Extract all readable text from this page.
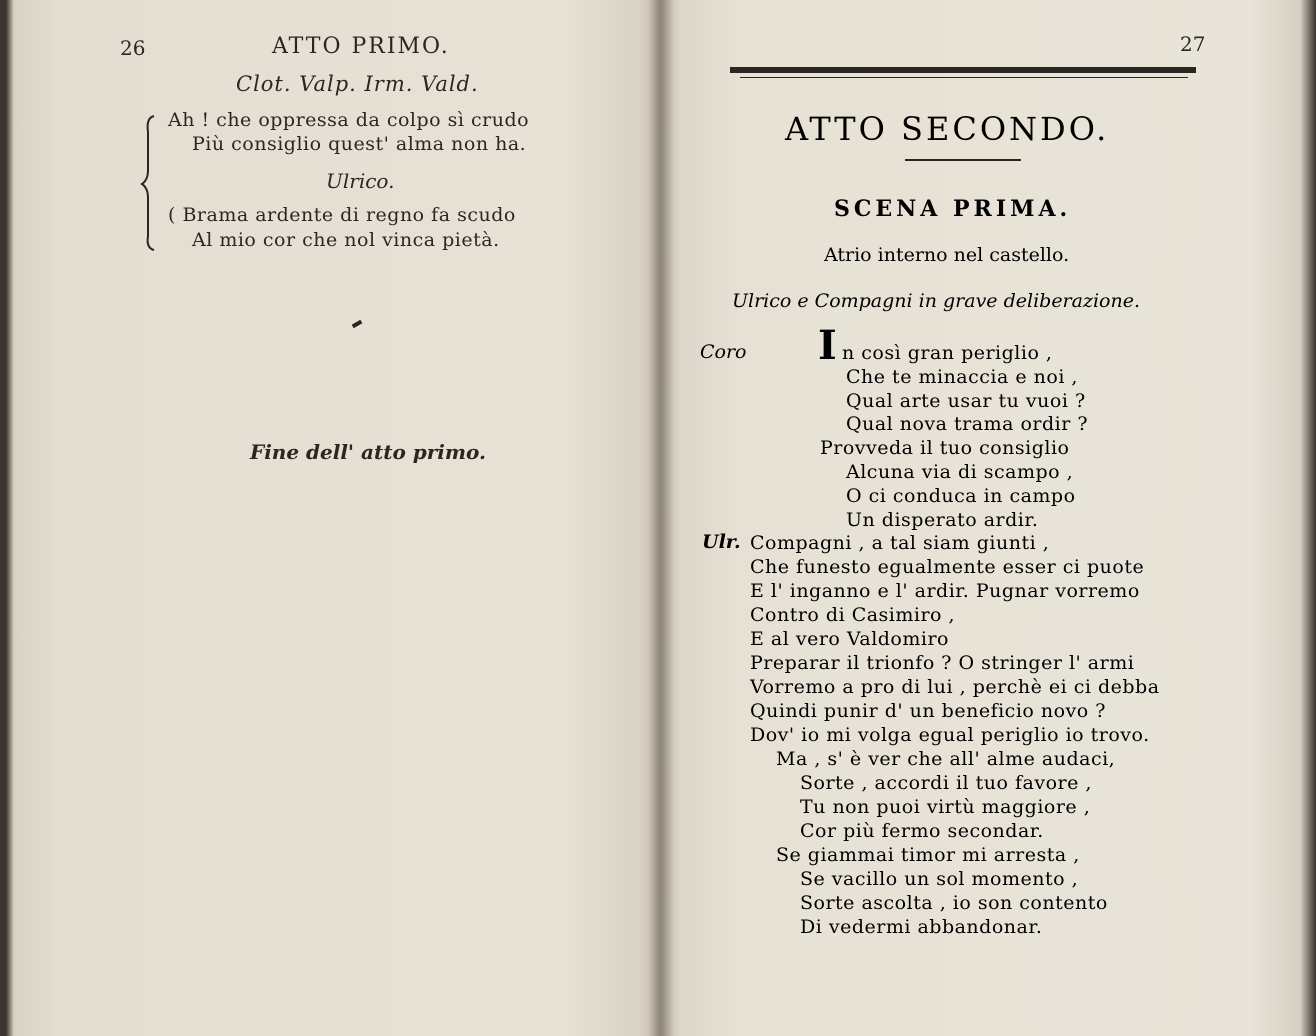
26	ATTO PRIMO.
Clot. Valp. Irm. Vald.
Ah ! che oppressa da colpo sì crudo
Più consiglio quest' alma non ha.
Ulrico.
( Brama ardente di regno fa scudo
Al mio cor che nol vinca pietà.
Fine dell' atto primo.
27
ATTO SECONDO.
SCENA PRIMA.
Atrio interno nel castello.
Ulrico e Compagni in grave deliberazione.
Coro I n così gran periglio ,
Che te minaccia e noi ,
Qual arte usar tu vuoi ?
Qual nova trama ordir ?
Provveda il tuo consiglio
Alcuna via di scampo ,
O ci conduca in campo
Un disperato ardir.
Ulr. Compagni , a tal siam giunti ,
Che funesto egualmente esser ci puote
E l' inganno e l' ardir. Pugnar vorremo
Contro di Casimiro ,
E al vero Valdomiro
Preparar il trionfo ? O stringer l' armi
Vorremo a pro di lui , perchè ei ci debba
Quindi punir d' un beneficio novo ?
Dov' io mi volga egual periglio io trovo.
Ma , s' è ver che all' alme audaci,
Sorte , accordi il tuo favore ,
Tu non puoi virtù maggiore ,
Cor più fermo secondar.
Se giammai timor mi arresta ,
Se vacillo un sol momento ,
Sorte ascolta , io son contento
Di vedermi abbandonar.
